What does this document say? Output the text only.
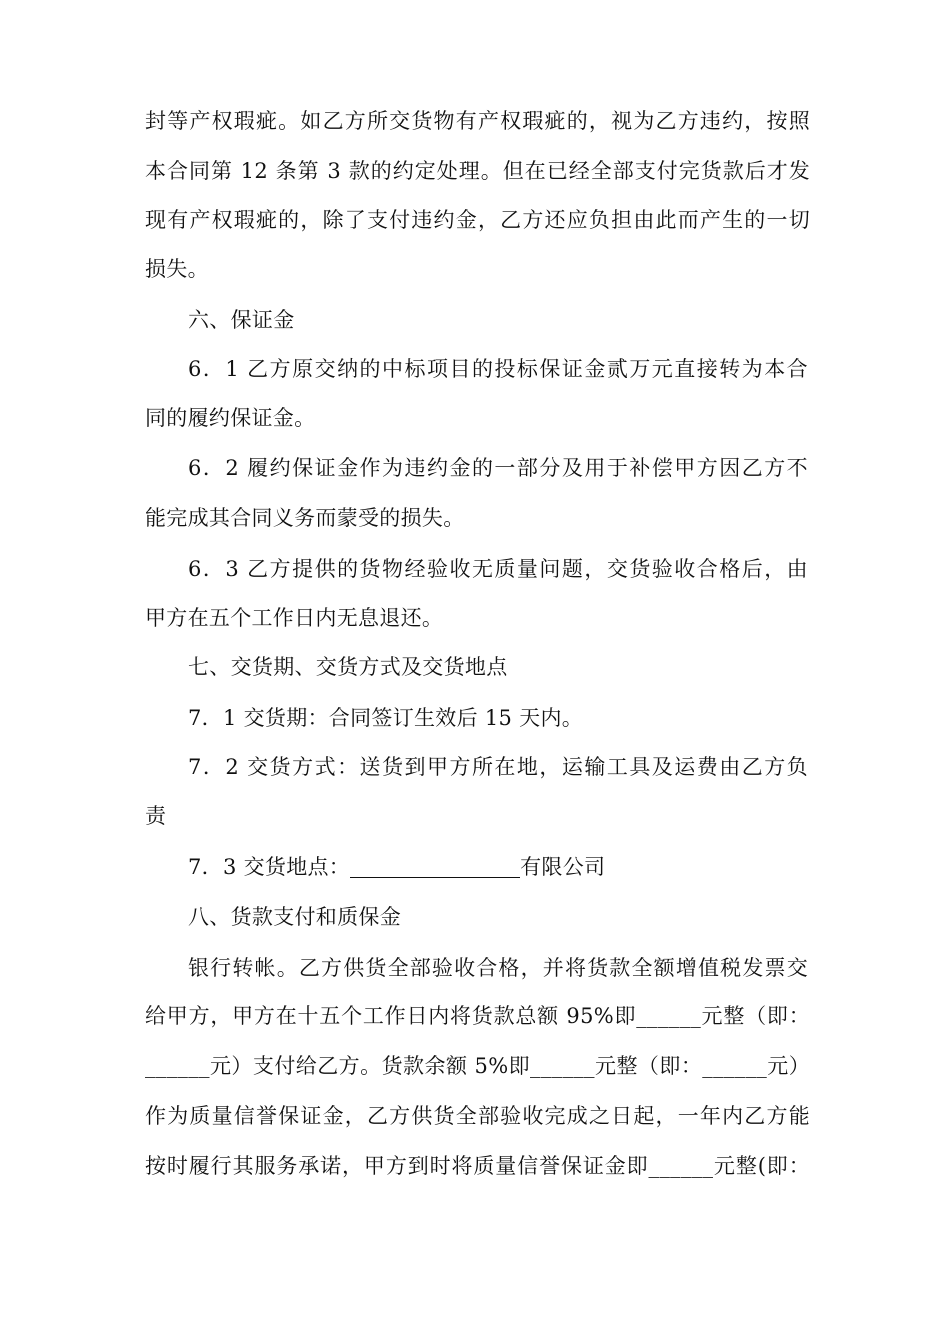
封等产权瑕疵。如乙方所交货物有产权瑕疵的，视为乙方违约，按照
本合同第 12 条第 3 款的约定处理。但在已经全部支付完货款后才发
现有产权瑕疵的，除了支付违约金，乙方还应负担由此而产生的一切
损失。
六、保证金
6．1 乙方原交纳的中标项目的投标保证金贰万元直接转为本合
同的履约保证金。
6．2 履约保证金作为违约金的一部分及用于补偿甲方因乙方不
能完成其合同义务而蒙受的损失。
6．3 乙方提供的货物经验收无质量问题，交货验收合格后，由
甲方在五个工作日内无息退还。
七、交货期、交货方式及交货地点
7．1 交货期：合同签订生效后 15 天内。
7．2 交货方式：送货到甲方所在地，运输工具及运费由乙方负
责
7．3 交货地点：	有限公司
八、货款支付和质保金
银行转帐。乙方供货全部验收合格，并将货款全额增值税发票交
给甲方，甲方在十五个工作日内将货款总额 95%即______元整（即：
______元）支付给乙方。货款余额 5%即______元整（即：______元）
作为质量信誉保证金，乙方供货全部验收完成之日起，一年内乙方能
按时履行其服务承诺，甲方到时将质量信誉保证金即______元整(即：
